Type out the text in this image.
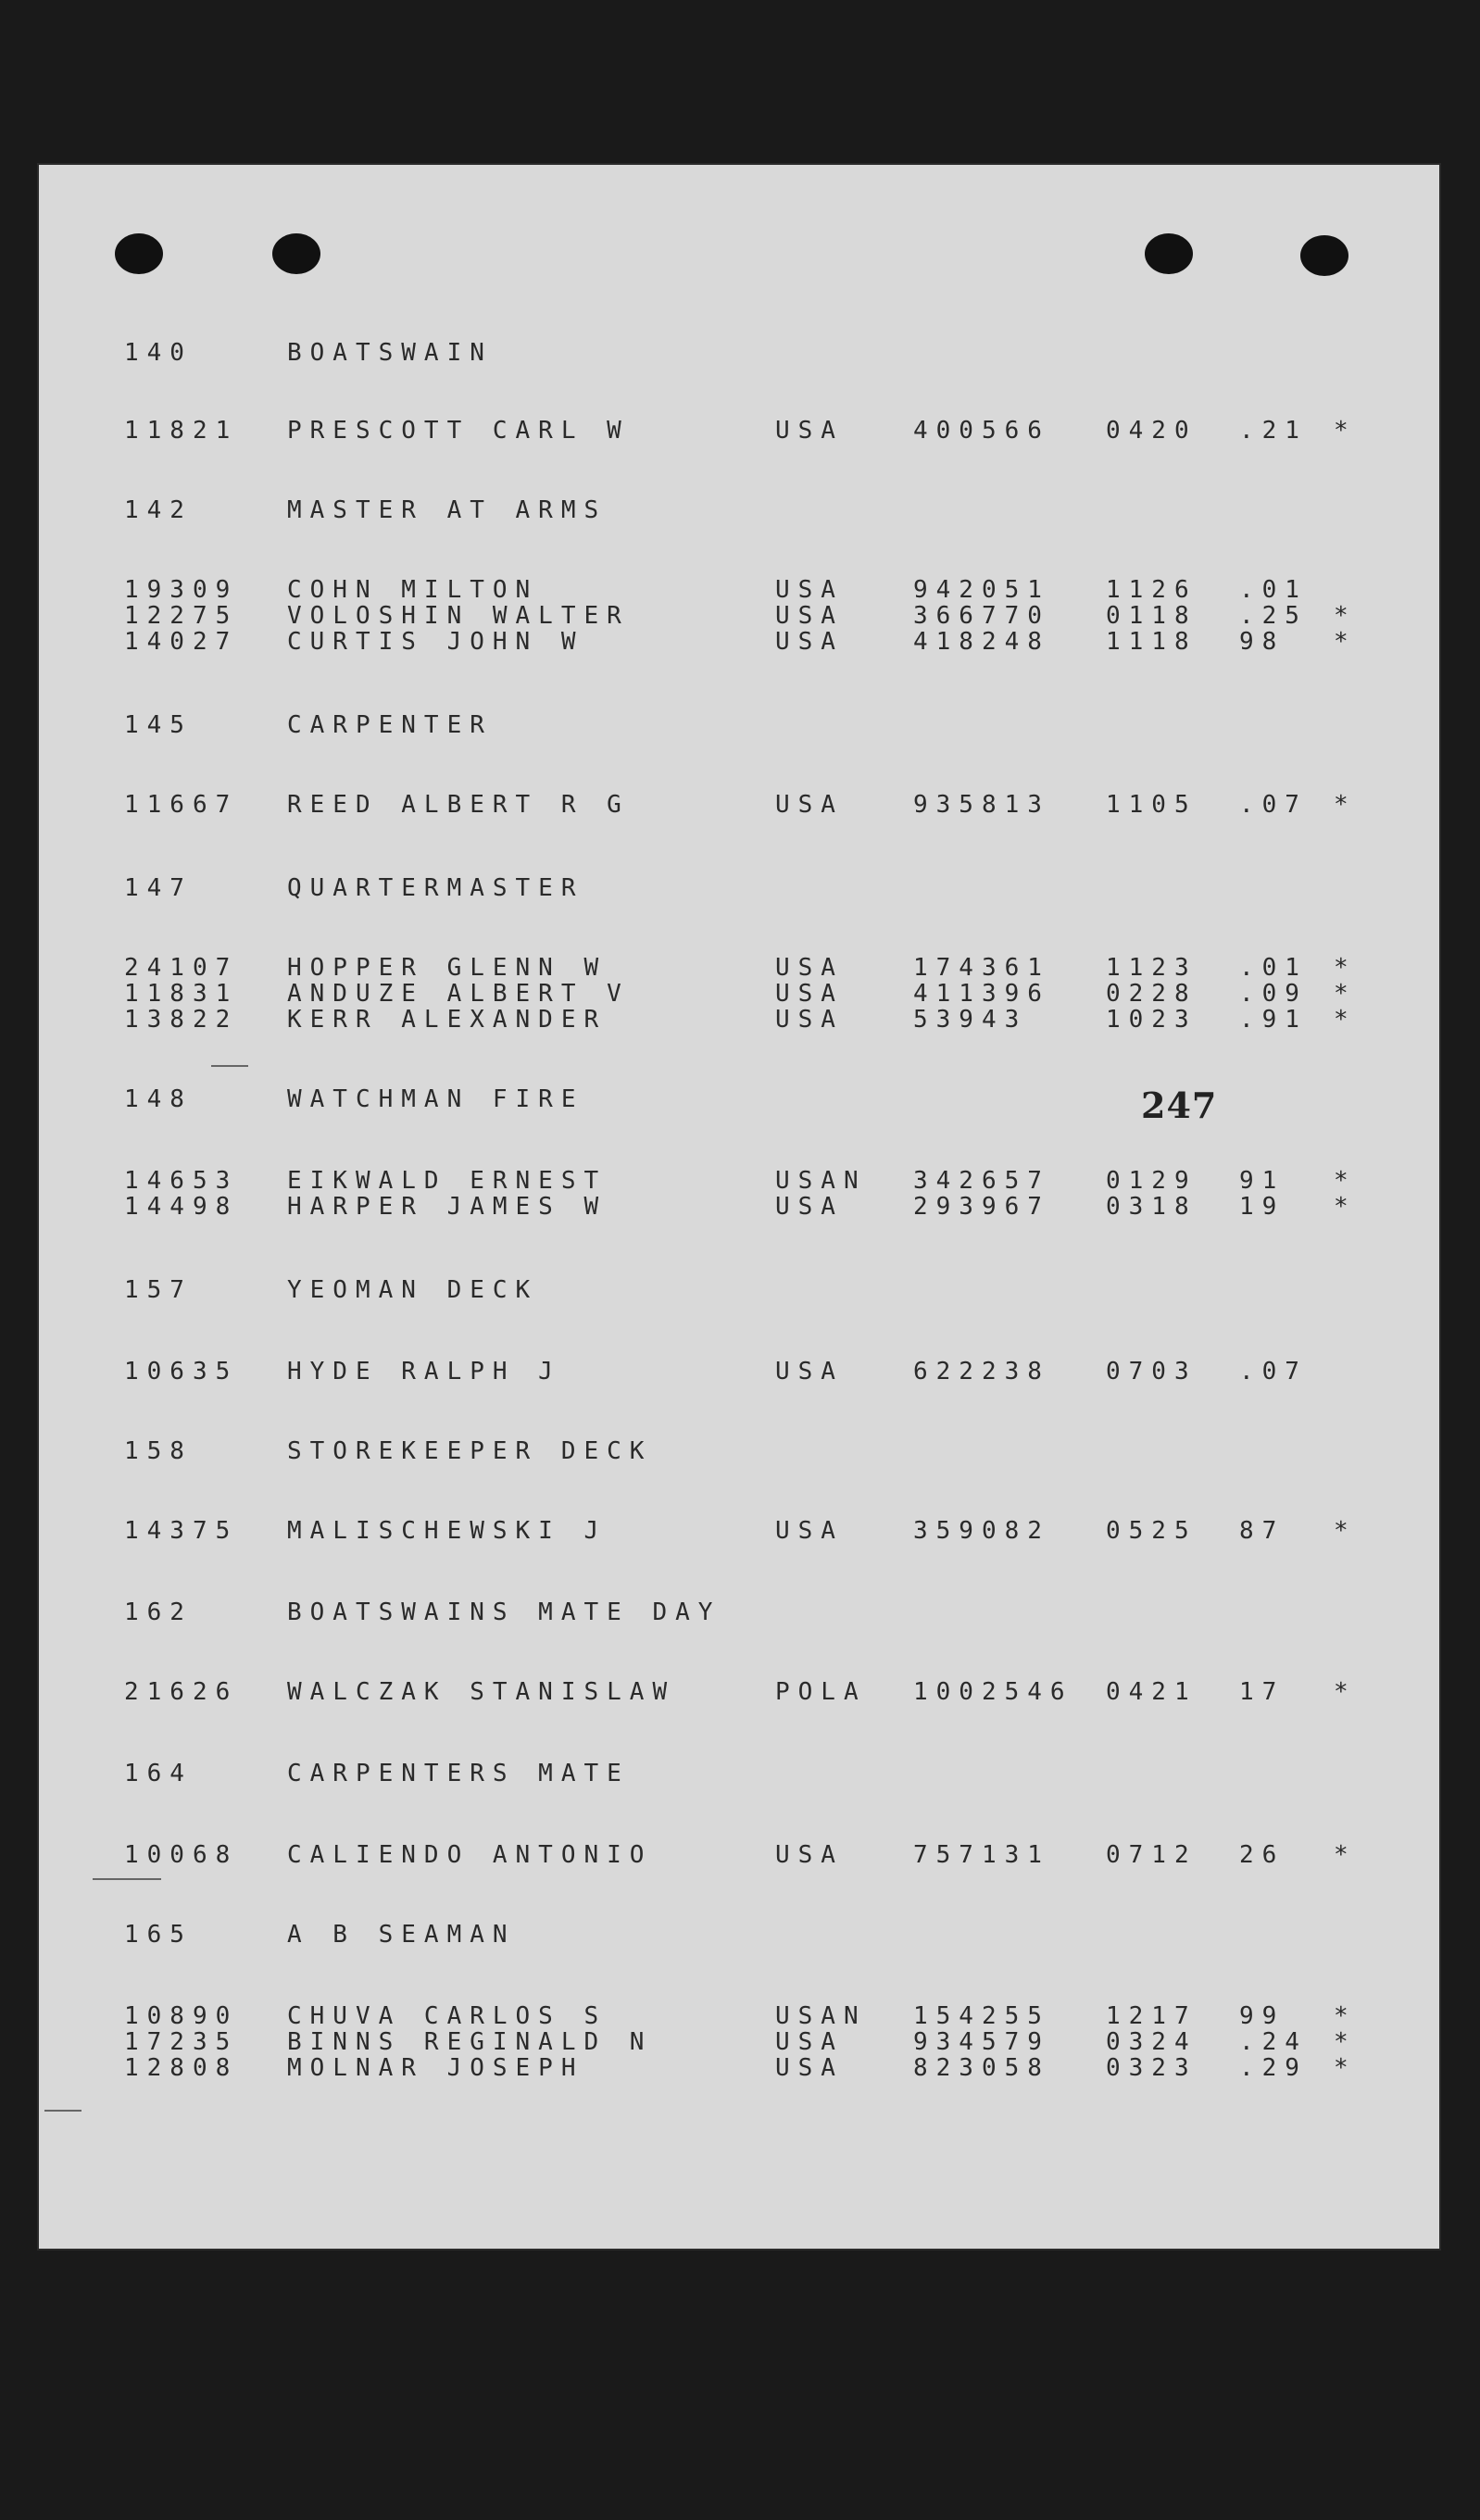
140	BOATSWAIN
11821 PRESCOTT CARL W	USA	400566 0420 .21 *
142	MASTER AT ARMS
19309 COHN MILTON	USA	942051 1126 .01
12275 VOLOSHIN WALTER	USA	366770 0118 .25 *
14027 CURTIS JOHN W	USA	418248 1118 98 *
145	CARPENTER
11667 REED ALBERT R G	USA	935813 1105 .07 *
147	QUARTERMASTER
24107 HOPPER GLENN W	USA	174361 1123 .01 *
11831 ANDUZE ALBERT V	USA	411396 0228 .09 *
13822 KERR ALEXANDER	USA	53943	1023 .91 *
148	WATCHMAN FIRE
14653 EIKWALD ERNEST	USAN 342657 0129 91 *
14498 HARPER JAMES W	USA	293967 0318 19 *
157	YEOMAN DECK
10635 HYDE RALPH J	USA	622238 0703 .07
158	STOREKEEPER DECK
14375 MALISCHEWSKI J	USA	359082 0525 87 *
162	BOATSWAINS MATE DAY
21626 WALCZAK STANISLAW	POLA 1002546 0421 17 *
164	CARPENTERS MATE
10068 CALIENDO ANTONIO	USA	757131 0712 26 *
165	A B SEAMAN
10890 CHUVA CARLOS S	USAN 154255 1217 99 *
17235 BINNS REGINALD N	USA	934579 0324 .24 *
12808 MOLNAR JOSEPH	USA	823058 0323 .29 *
247
